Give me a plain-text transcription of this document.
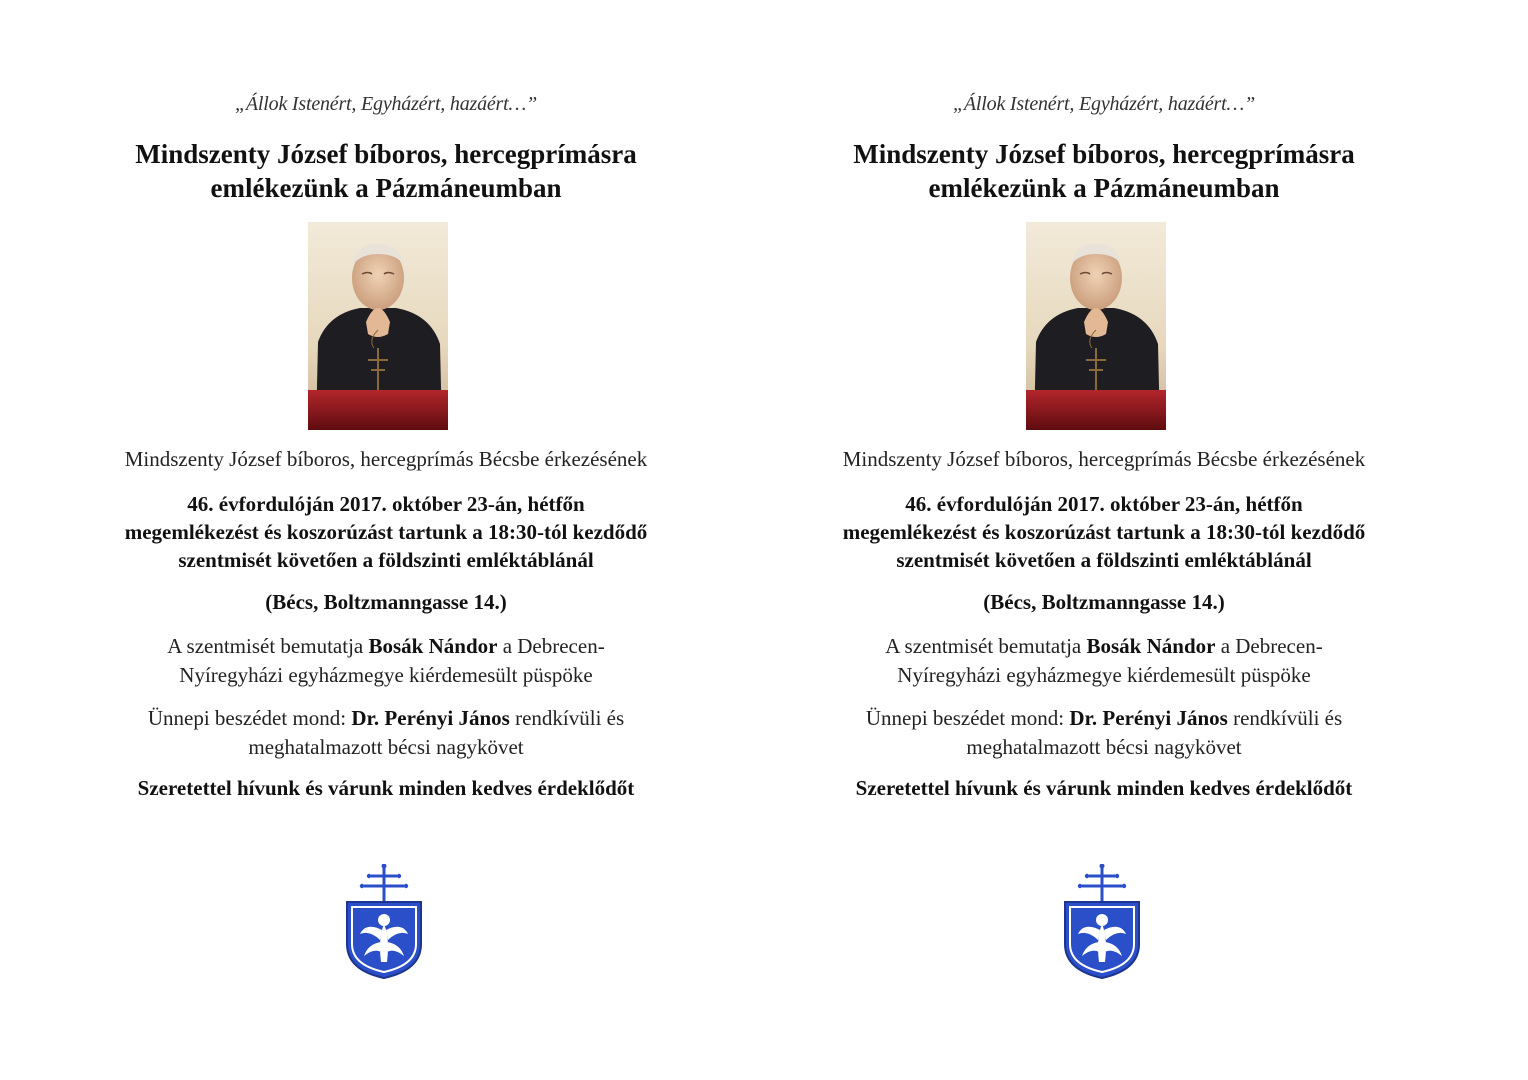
„Állok Istenért, Egyházért, hazáért…”
Mindszenty József bíboros, hercegprímásra
emlékezünk a Pázmáneumban
Mindszenty József bíboros, hercegprímás Bécsbe érkezésének
46. évfordulóján 2017. október 23-án, hétfőn
megemlékezést és koszorúzást tartunk a 18:30-tól kezdődő
szentmisét követően a földszinti emléktáblánál
(Bécs, Boltzmanngasse 14.)
A szentmisét bemutatja Bosák Nándor a Debrecen-
Nyíregyházi egyházmegye kiérdemesült püspöke
Ünnepi beszédet mond: Dr. Perényi János rendkívüli és
meghatalmazott bécsi nagykövet
Szeretettel hívunk és várunk minden kedves érdeklődőt
„Állok Istenért, Egyházért, hazáért…”
Mindszenty József bíboros, hercegprímásra
emlékezünk a Pázmáneumban
Mindszenty József bíboros, hercegprímás Bécsbe érkezésének
46. évfordulóján 2017. október 23-án, hétfőn
megemlékezést és koszorúzást tartunk a 18:30-tól kezdődő
szentmisét követően a földszinti emléktáblánál
(Bécs, Boltzmanngasse 14.)
A szentmisét bemutatja Bosák Nándor a Debrecen-
Nyíregyházi egyházmegye kiérdemesült püspöke
Ünnepi beszédet mond: Dr. Perényi János rendkívüli és
meghatalmazott bécsi nagykövet
Szeretettel hívunk és várunk minden kedves érdeklődőt
